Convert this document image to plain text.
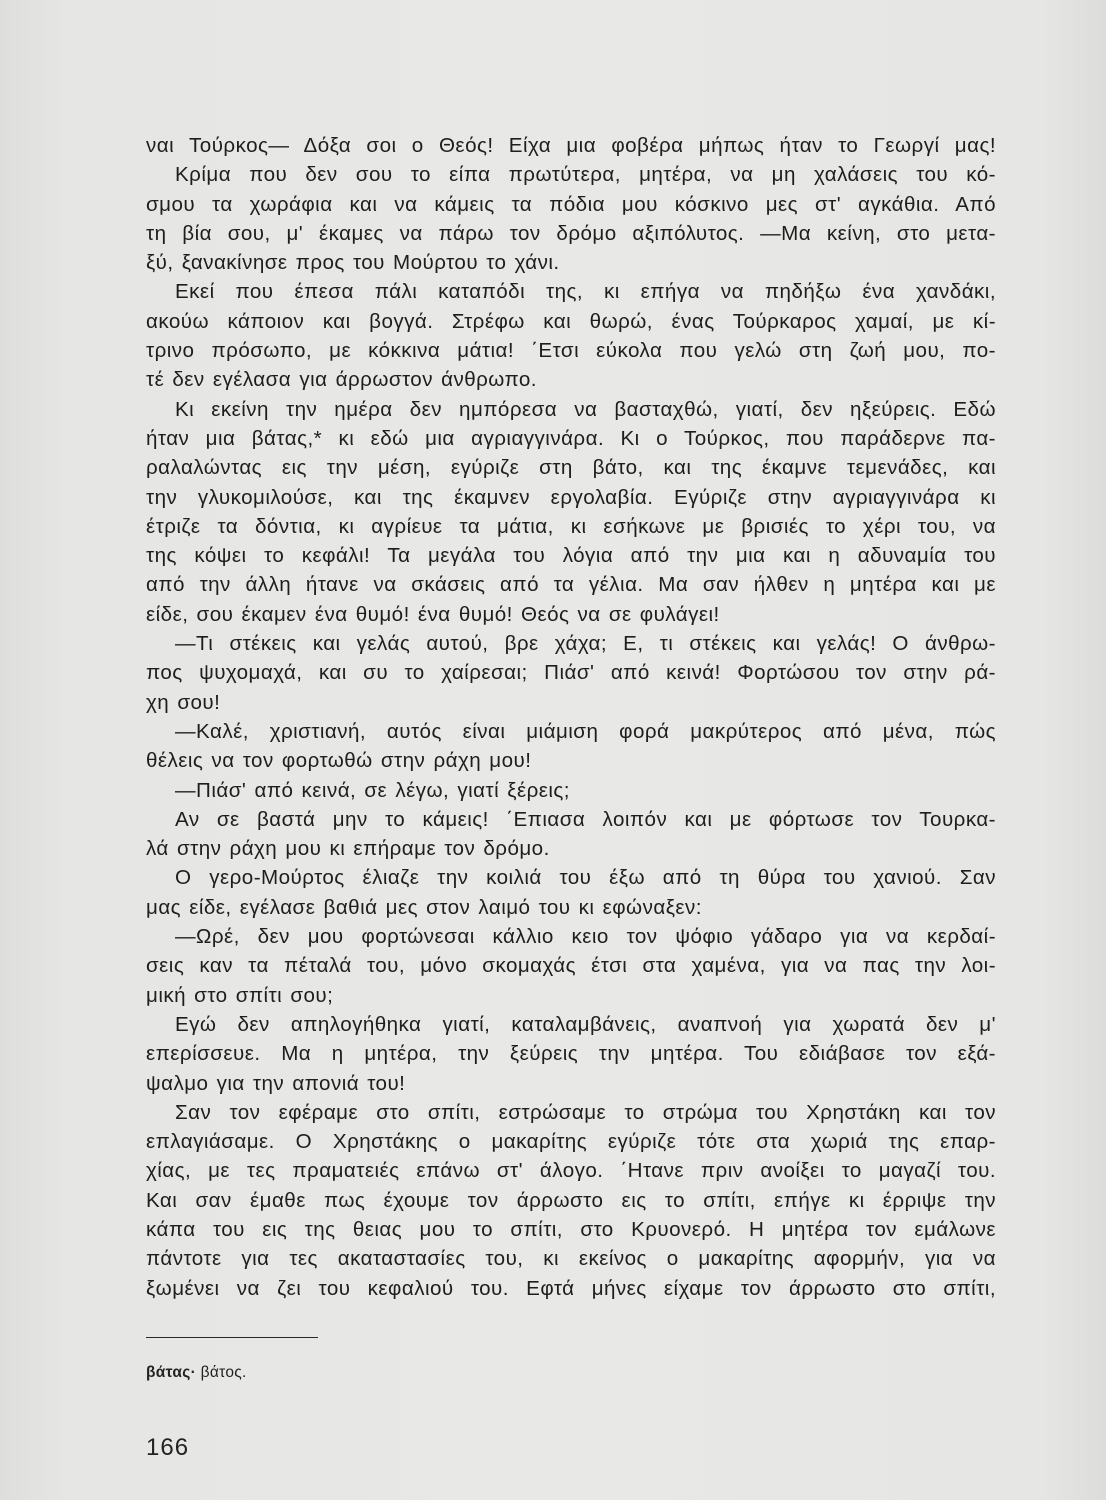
ναι Τούρκος— Δόξα σοι ο Θεός! Είχα μια φοβέρα μήπως ήταν το Γεωργί μας!
Κρίμα που δεν σου το είπα πρωτύτερα, μητέρα, να μη χαλάσεις του κό-
σμου τα χωράφια και να κάμεις τα πόδια μου κόσκινο μες στ' αγκάθια. Από
τη βία σου, μ' έκαμες να πάρω τον δρόμο αξιπόλυτος. —Μα κείνη, στο μετα-
ξύ, ξανακίνησε προς του Μούρτου το χάνι.
Εκεί που έπεσα πάλι καταπόδι της, κι επήγα να πηδήξω ένα χανδάκι,
ακούω κάποιον και βογγά. Στρέφω και θωρώ, ένας Τούρκαρος χαμαί, με κί-
τρινο πρόσωπο, με κόκκινα μάτια! ΄Ετσι εύκολα που γελώ στη ζωή μου, πο-
τέ δεν εγέλασα για άρρωστον άνθρωπο.
Κι εκείνη την ημέρα δεν ημπόρεσα να βασταχθώ, γιατί, δεν ηξεύρεις. Εδώ
ήταν μια βάτας,* κι εδώ μια αγριαγγινάρα. Κι ο Τούρκος, που παράδερνε πα-
ραλαλώντας εις την μέση, εγύριζε στη βάτο, και της έκαμνε τεμενάδες, και
την γλυκομιλούσε, και της έκαμνεν εργολαβία. Εγύριζε στην αγριαγγινάρα κι
έτριζε τα δόντια, κι αγρίευε τα μάτια, κι εσήκωνε με βρισιές το χέρι του, να
της κόψει το κεφάλι! Τα μεγάλα του λόγια από την μια και η αδυναμία του
από την άλλη ήτανε να σκάσεις από τα γέλια. Μα σαν ήλθεν η μητέρα και με
είδε, σου έκαμεν ένα θυμό! ένα θυμό! Θεός να σε φυλάγει!
—Τι στέκεις και γελάς αυτού, βρε χάχα; Ε, τι στέκεις και γελάς! Ο άνθρω-
πος ψυχομαχά, και συ το χαίρεσαι; Πιάσ' από κεινά! Φορτώσου τον στην ρά-
χη σου!
—Καλέ, χριστιανή, αυτός είναι μιάμιση φορά μακρύτερος από μένα, πώς
θέλεις να τον φορτωθώ στην ράχη μου!
—Πιάσ' από κεινά, σε λέγω, γιατί ξέρεις;
Αν σε βαστά μην το κάμεις! ΄Επιασα λοιπόν και με φόρτωσε τον Τουρκα-
λά στην ράχη μου κι επήραμε τον δρόμο.
Ο γερο-Μούρτος έλιαζε την κοιλιά του έξω από τη θύρα του χανιού. Σαν
μας είδε, εγέλασε βαθιά μες στον λαιμό του κι εφώναξεν:
—Ωρέ, δεν μου φορτώνεσαι κάλλιο κειο τον ψόφιο γάδαρο για να κερδαί-
σεις καν τα πέταλά του, μόνο σκομαχάς έτσι στα χαμένα, για να πας την λοι-
μική στο σπίτι σου;
Εγώ δεν απηλογήθηκα γιατί, καταλαμβάνεις, αναπνοή για χωρατά δεν μ'
επερίσσευε. Μα η μητέρα, την ξεύρεις την μητέρα. Του εδιάβασε τον εξά-
ψαλμο για την απονιά του!
Σαν τον εφέραμε στο σπίτι, εστρώσαμε το στρώμα του Χρηστάκη και τον
επλαγιάσαμε. Ο Χρηστάκης ο μακαρίτης εγύριζε τότε στα χωριά της επαρ-
χίας, με τες πραματειές επάνω στ' άλογο. ΄Ητανε πριν ανοίξει το μαγαζί του.
Και σαν έμαθε πως έχουμε τον άρρωστο εις το σπίτι, επήγε κι έρριψε την
κάπα του εις της θειας μου το σπίτι, στο Κρυονερό. Η μητέρα τον εμάλωνε
πάντοτε για τες ακαταστασίες του, κι εκείνος ο μακαρίτης αφορμήν, για να
ξωμένει να ζει του κεφαλιού του. Εφτά μήνες είχαμε τον άρρωστο στο σπίτι,
βάτας· βάτος.
166
